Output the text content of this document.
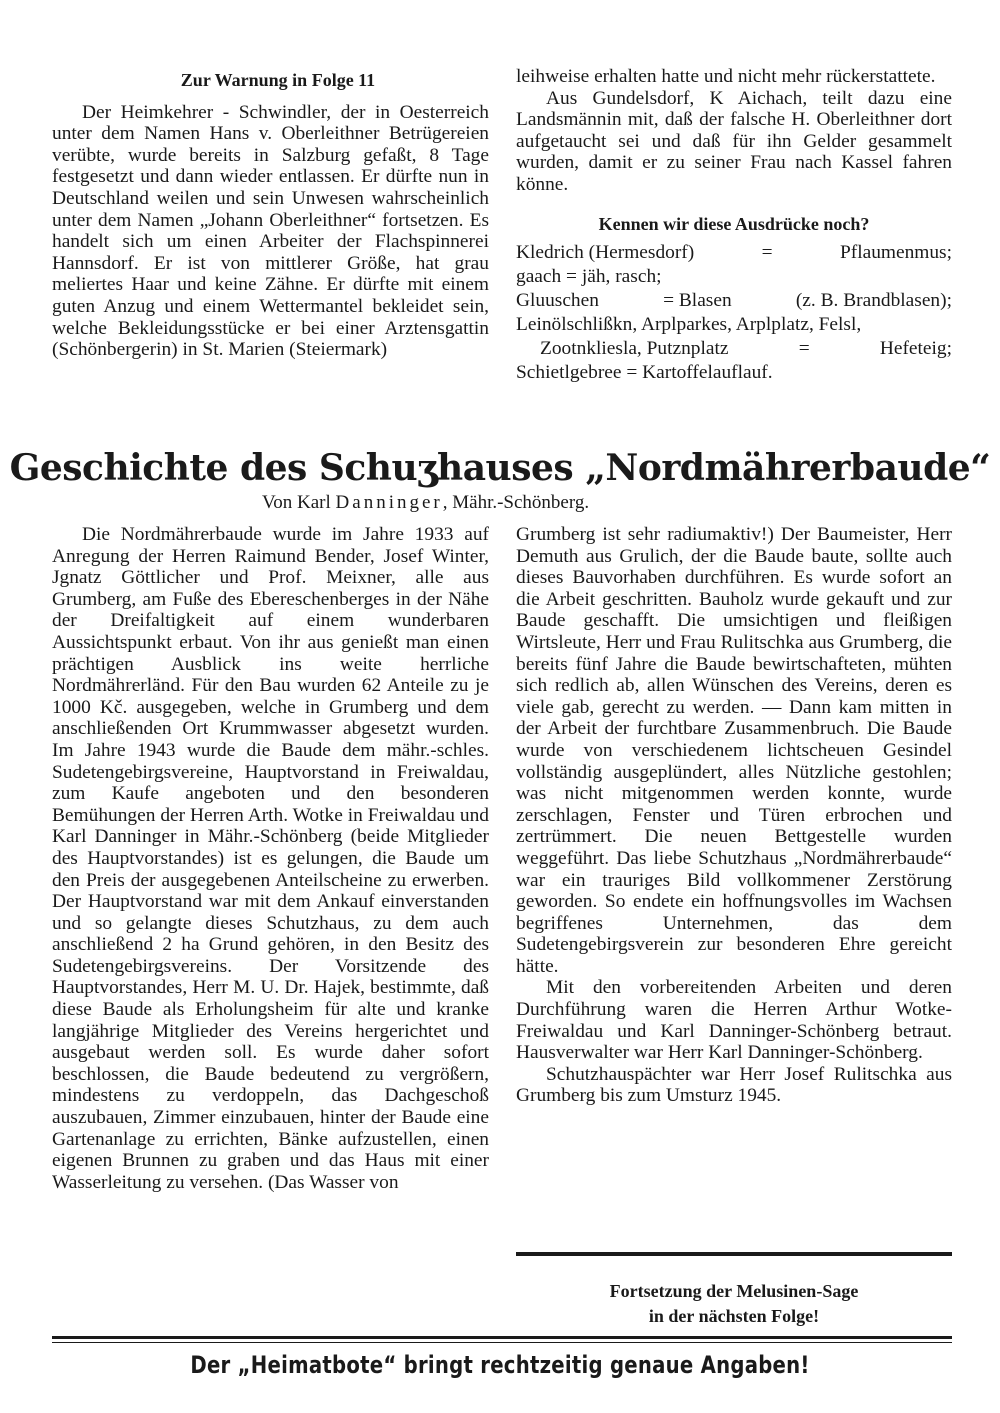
Zur Warnung in Folge 11

Der Heimkehrer - Schwindler, der in Oesterreich unter dem Namen Hans v. Oberleithner Betrügereien verübte, wurde bereits in Salzburg gefaßt, 8 Tage festgesetzt und dann wieder entlassen. Er dürfte nun in Deutschland weilen und sein Unwesen wahrscheinlich unter dem Namen „Johann Oberleithner“ fortsetzen. Es handelt sich um einen Arbeiter der Flachspinnerei Hannsdorf. Er ist von mittlerer Größe, hat grau meliertes Haar und keine Zähne. Er dürfte mit einem guten Anzug und einem Wettermantel bekleidet sein, welche Bekleidungsstücke er bei einer Arztensgattin (Schönbergerin) in St. Marien (Steiermark)

leihweise erhalten hatte und nicht mehr rückerstattete.

Aus Gundelsdorf, K Aichach, teilt dazu eine Landsmännin mit, daß der falsche H. Oberleithner dort aufgetaucht sei und daß für ihn Gelder gesammelt wurden, damit er zu seiner Frau nach Kassel fahren könne.

Kennen wir diese Ausdrücke noch?
Kledrich (Hermesdorf)	=	Pflaumenmus;
gaach = jäh, rasch;
Gluuschen	= Blasen	(z. B. Brandblasen);
Leinölschlißkn, Arplparkes, Arplplatz, Felsl,
Zootnkliesla, Putznplatz	=	Hefeteig;
Schietlgebree = Kartoffelauflauf.
Geschichte des Schuʒhauses „Nordmährerbaude“
Von Karl Danninger, Mähr.-Schönberg.

Die Nordmährerbaude wurde im Jahre 1933 auf Anregung der Herren Raimund Bender, Josef Winter, Jgnatz Göttlicher und Prof. Meixner, alle aus Grumberg, am Fuße des Ebereschenberges in der Nähe der Dreifaltigkeit auf einem wunderbaren Aussichtspunkt erbaut. Von ihr aus genießt man einen prächtigen Ausblick ins weite herrliche Nordmährerländ. Für den Bau wurden 62 Anteile zu je 1000 Kč. ausgegeben, welche in Grumberg und dem anschließenden Ort Krummwasser abgesetzt wurden. Im Jahre 1943 wurde die Baude dem mähr.-schles. Sudetengebirgsvereine, Hauptvorstand in Freiwaldau, zum Kaufe angeboten und den besonderen Bemühungen der Herren Arth. Wotke in Freiwaldau und Karl Danninger in Mähr.-Schönberg (beide Mitglieder des Hauptvorstandes) ist es gelungen, die Baude um den Preis der ausgegebenen Anteilscheine zu erwerben. Der Hauptvorstand war mit dem Ankauf einverstanden und so gelangte dieses Schutzhaus, zu dem auch anschließend 2 ha Grund gehören, in den Besitz des Sudetengebirgsvereins. Der Vorsitzende des Hauptvorstandes, Herr M. U. Dr. Hajek, bestimmte, daß diese Baude als Erholungsheim für alte und kranke langjährige Mitglieder des Vereins hergerichtet und ausgebaut werden soll. Es wurde daher sofort beschlossen, die Baude bedeutend zu vergrößern, mindestens zu verdoppeln, das Dachgeschoß auszubauen, Zimmer einzubauen, hinter der Baude eine Gartenanlage zu errichten, Bänke aufzustellen, einen eigenen Brunnen zu graben und das Haus mit einer Wasserleitung zu versehen. (Das Wasser von

Grumberg ist sehr radiumaktiv!) Der Baumeister, Herr Demuth aus Grulich, der die Baude baute, sollte auch dieses Bauvorhaben durchführen. Es wurde sofort an die Arbeit geschritten. Bauholz wurde gekauft und zur Baude geschafft. Die umsichtigen und fleißigen Wirtsleute, Herr und Frau Rulitschka aus Grumberg, die bereits fünf Jahre die Baude bewirtschafteten, mühten sich redlich ab, allen Wünschen des Vereins, deren es viele gab, gerecht zu werden. — Dann kam mitten in der Arbeit der furchtbare Zusammenbruch. Die Baude wurde von verschiedenem lichtscheuen Gesindel vollständig ausgeplündert, alles Nützliche gestohlen; was nicht mitgenommen werden konnte, wurde zerschlagen, Fenster und Türen erbrochen und zertrümmert. Die neuen Bettgestelle wurden weggeführt. Das liebe Schutzhaus „Nordmährerbaude“ war ein trauriges Bild vollkommener Zerstörung geworden. So endete ein hoffnungsvolles im Wachsen begriffenes Unternehmen, das dem Sudetengebirgsverein zur besonderen Ehre gereicht hätte.

Mit den vorbereitenden Arbeiten und deren Durchführung waren die Herren Arthur Wotke-Freiwaldau und Karl Danninger-Schönberg betraut. Hausverwalter war Herr Karl Danninger-Schönberg.

Schutzhauspächter war Herr Josef Rulitschka aus Grumberg bis zum Umsturz 1945.

Fortsetzung der Melusinen-Sage
in der nächsten Folge!
Der „Heimatbote“ bringt rechtzeitig genaue Angaben!
